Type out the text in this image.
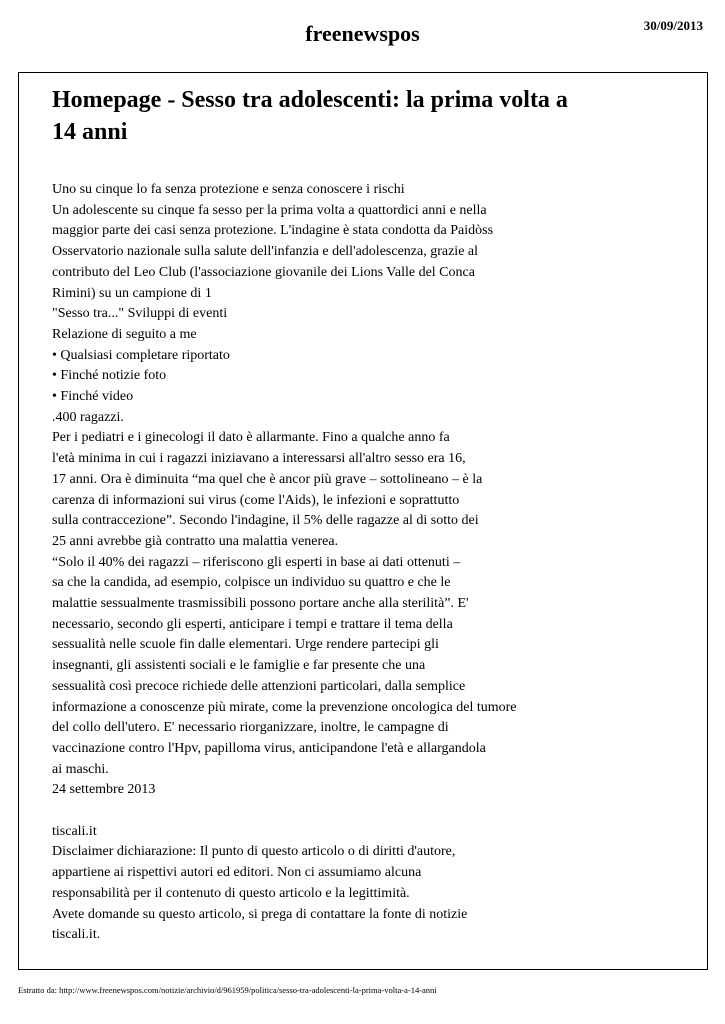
freenewspos	30/09/2013
Homepage - Sesso tra adolescenti: la prima volta a
14 anni
Uno su cinque lo fa senza protezione e senza conoscere i rischi
Un adolescente su cinque fa sesso per la prima volta a quattordici anni e nella
maggior parte dei casi senza protezione. L'indagine è stata condotta da Paidòss
Osservatorio nazionale sulla salute dell'infanzia e dell'adolescenza, grazie al
contributo del Leo Club (l'associazione giovanile dei Lions Valle del Conca
Rimini) su un campione di 1
"Sesso tra..." Sviluppi di eventi
Relazione di seguito a me
• Qualsiasi completare riportato
• Finché notizie foto
• Finché video
.400 ragazzi.
Per i pediatri e i ginecologi il dato è allarmante. Fino a qualche anno fa
l'età minima in cui i ragazzi iniziavano a interessarsi all'altro sesso era 16,
17 anni. Ora è diminuita “ma quel che è ancor più grave – sottolineano – è la
carenza di informazioni sui virus (come l'Aids), le infezioni e soprattutto
sulla contraccezione”. Secondo l'indagine, il 5% delle ragazze al di sotto dei
25 anni avrebbe già contratto una malattia venerea.
“Solo il 40% dei ragazzi – riferiscono gli esperti in base ai dati ottenuti –
sa che la candida, ad esempio, colpisce un individuo su quattro e che le
malattie sessualmente trasmissibili possono portare anche alla sterilità”. E'
necessario, secondo gli esperti, anticipare i tempi e trattare il tema della
sessualità nelle scuole fin dalle elementari. Urge rendere partecipi gli
insegnanti, gli assistenti sociali e le famiglie e far presente che una
sessualità così precoce richiede delle attenzioni particolari, dalla semplice
informazione a conoscenze più mirate, come la prevenzione oncologica del tumore
del collo dell'utero. E' necessario riorganizzare, inoltre, le campagne di
vaccinazione contro l'Hpv, papilloma virus, anticipandone l'età e allargandola
ai maschi.
24 settembre 2013
tiscali.it
Disclaimer dichiarazione: Il punto di questo articolo o di diritti d'autore,
appartiene ai rispettivi autori ed editori. Non ci assumiamo alcuna
responsabilità per il contenuto di questo articolo e la legittimità.
Avete domande su questo articolo, si prega di contattare la fonte di notizie
tiscali.it.
Estratto da: http://www.freenewspos.com/notizie/archivio/d/961959/politica/sesso-tra-adolescenti-la-prima-volta-a-14-anni
